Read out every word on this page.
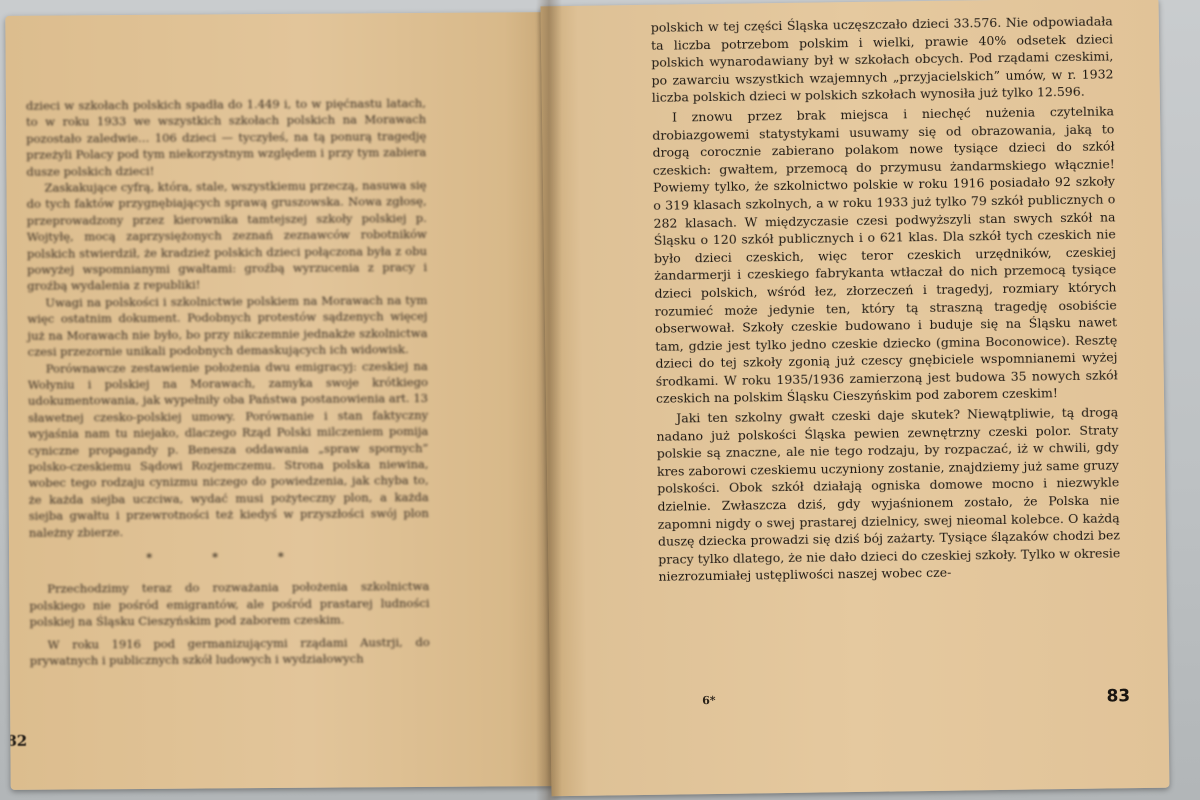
dzieci w szkołach polskich spadła do 1.449 i, to w pięćnastu latach, to w roku 1933 we wszystkich szkołach polskich na Morawach pozostało zaledwie… 106 dzieci — tyczyłeś, na tą ponurą tragedję przeżyli Polacy pod tym niekorzystnym względem i przy tym zabiera dusze polskich dzieci!

Zaskakujące cyfrą, która, stale, wszystkiemu przeczą, nasuwa się do tych faktów przygnębiających sprawą gruszowska. Nowa zgłosę, przeprowadzony przez kierownika tamtejszej szkoły polskiej p. Wojtyłę, mocą zaprzysiężonych zeznań zeznawców robotników polskich stwierdził, że kradzież polskich dzieci połączona była z obu powyżej wspomnianymi gwałtami: groźbą wyrzucenia z pracy i groźbą wydalenia z republiki!

Uwagi na polskości i szkolnictwie polskiem na Morawach na tym więc ostatnim dokument. Podobnych protestów sądzenych więcej już na Morawach nie było, bo przy nikczemnie jednakże szkolnictwa czesi przezornie unikali podobnych demaskujących ich widowisk.

Porównawcze zestawienie położenia dwu emigracyj: czeskiej na Wołyniu i polskiej na Morawach, zamyka swoje krótkiego udokumentowania, jak wypełniły oba Państwa postanowienia art. 13 sławetnej czesko-polskiej umowy. Porównanie i stan faktyczny wyjaśnia nam tu niejako, dlaczego Rząd Polski milczeniem pomija cyniczne propagandy p. Benesza oddawania „spraw spornych” polsko-czeskiemu Sądowi Rozjemczemu. Strona polska niewina, wobec tego rodzaju cynizmu niczego do powiedzenia, jak chyba to, że każda siejba uczciwa, wydać musi pożyteczny plon, a każda siejba gwałtu i przewrotności też kiedyś w przyszłości swój plon należny zbierze.

* * *

Przechodzimy teraz do rozważania położenia szkolnictwa polskiego nie pośród emigrantów, ale pośród prastarej ludności polskiej na Śląsku Cieszyńskim pod zaborem czeskim.

W roku 1916 pod germanizującymi rządami Austrji, do prywatnych i publicznych szkół ludowych i wydziałowych

82

polskich w tej części Śląska uczęszczało dzieci 33.576. Nie odpowiadała ta liczba potrzebom polskim i wielki, prawie 40% odsetek dzieci polskich wynarodawiany był w szkołach obcych. Pod rządami czeskimi, po zawarciu wszystkich wzajemnych „przyjacielskich” umów, w r. 1932 liczba polskich dzieci w polskich szkołach wynosiła już tylko 12.596.

I znowu przez brak miejsca i niechęć nużenia czytelnika drobiazgowemi statystykami usuwamy się od obrazowania, jaką to drogą corocznie zabierano polakom nowe tysiące dzieci do szkół czeskich: gwałtem, przemocą do przymusu żandarmskiego włącznie! Powiemy tylko, że szkolnictwo polskie w roku 1916 posiadało 92 szkoły o 319 klasach szkolnych, a w roku 1933 już tylko 79 szkół publicznych o 282 klasach. W międzyczasie czesi podwyższyli stan swych szkół na Śląsku o 120 szkół publicznych i o 621 klas. Dla szkół tych czeskich nie było dzieci czeskich, więc teror czeskich urzędników, czeskiej żandarmerji i czeskiego fabrykanta wtłaczał do nich przemocą tysiące dzieci polskich, wśród łez, złorzeczeń i tragedyj, rozmiary których rozumieć może jedynie ten, który tą straszną tragedję osobiście obserwował. Szkoły czeskie budowano i buduje się na Śląsku nawet tam, gdzie jest tylko jedno czeskie dziecko (gmina Boconowice). Resztę dzieci do tej szkoły zgonią już czescy gnębiciele wspomnianemi wyżej środkami. W roku 1935/1936 zamierzoną jest budowa 35 nowych szkół czeskich na polskim Śląsku Cieszyńskim pod zaborem czeskim!

Jaki ten szkolny gwałt czeski daje skutek? Niewątpliwie, tą drogą nadano już polskości Śląska pewien zewnętrzny czeski polor. Straty polskie są znaczne, ale nie tego rodzaju, by rozpaczać, iż w chwili, gdy kres zaborowi czeskiemu uczyniony zostanie, znajdziemy już same gruzy polskości. Obok szkół działają ogniska domowe mocno i niezwykle dzielnie. Zwłaszcza dziś, gdy wyjaśnionem zostało, że Polska nie zapomni nigdy o swej prastarej dzielnicy, swej nieomal kolebce. O każdą duszę dziecka prowadzi się dziś bój zażarty. Tysiące ślązaków chodzi bez pracy tylko dlatego, że nie dało dzieci do czeskiej szkoły. Tylko w okresie niezrozumiałej ustępliwości naszej wobec cze-

6*	83
